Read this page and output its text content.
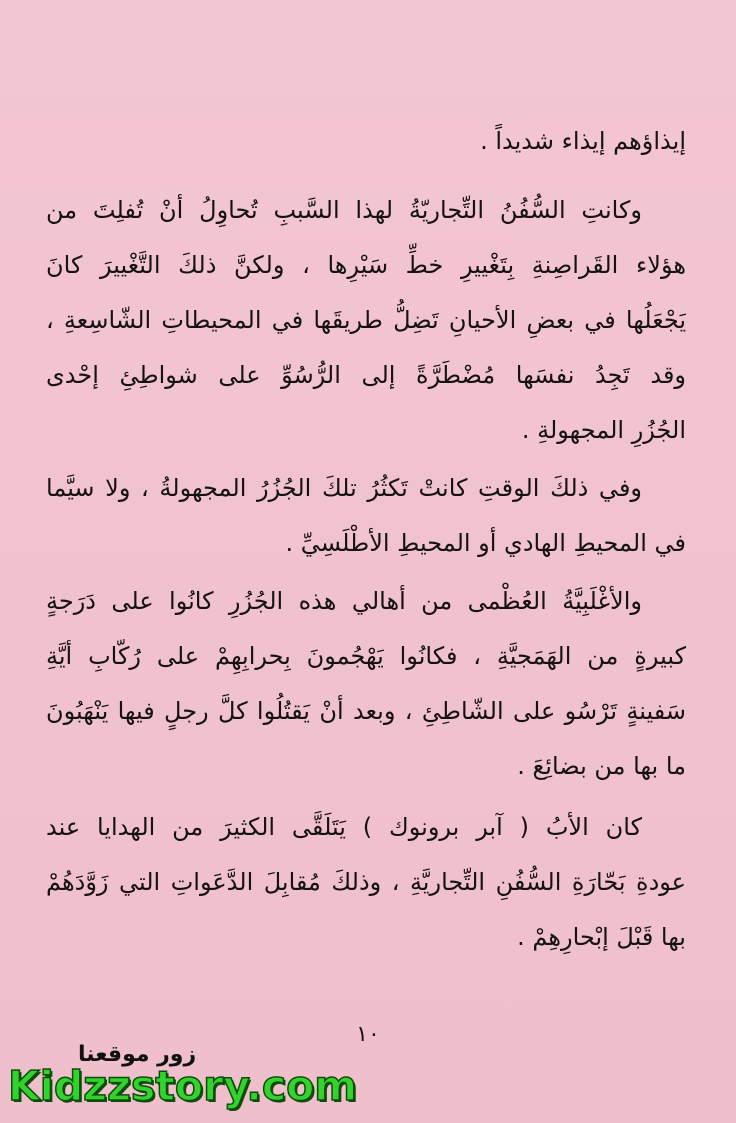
إيذاؤهم إيذاء شديداً .
وكانتِ السُّفُنُ التِّجاريّةُ لهذا السَّببِ تُحاوِلُ أنْ تُفلِتَ من
هؤلاء القَراصِنةِ بِتَغْييرِ خطِّ سَيْرِها ، ولكنَّ ذلكَ التَّغْييرَ كانَ
يَجْعَلُها في بعضِ الأحيانِ تَضِلُّ طريقَها في المحيطاتِ الشّاسِعةِ ،
وقد تَجِدُ نفسَها مُضْطَرَّةً إلى الرُّسُوِّ على شواطِئِ إحْدى
الجُزُرِ المجهولةِ .
وفي ذلكَ الوقتِ كانتْ تَكثُرُ تلكَ الجُزُرُ المجهولةُ ، ولا سيَّما
في المحيطِ الهادي أو المحيطِ الأطْلَسِيِّ .
والأغْلَبِيَّةُ العُظْمى من أهالي هذه الجُزُرِ كانُوا على دَرَجةٍ
كبيرةٍ من الهَمَجيَّةِ ، فكانُوا يَهْجُمونَ بِحرابِهِمْ على رُكّابِ أيَّةِ
سَفينةٍ تَرْسُو على الشّاطِئِ ، وبعد أنْ يَقتُلُوا كلَّ رجلٍ فيها يَنْهَبُونَ
ما بها من بضائِعَ .
كان الأبُ ( آبر برونوك ) يَتَلَقَّى الكثيرَ من الهدايا عند
عودةِ بَحّارَةِ السُّفُنِ التِّجاريَّةِ ، وذلكَ مُقابِلَ الدَّعَواتِ التي زَوَّدَهُمْ
بها قَبْلَ إبْحارِهِمْ .
١٠
زور موقعنا
Kidzzstory.com
